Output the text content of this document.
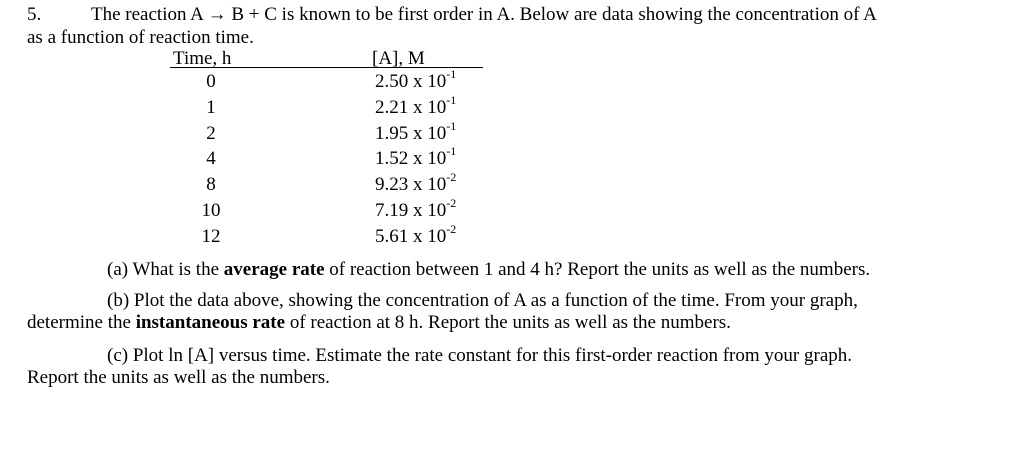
5.	The reaction A → B + C is known to be first order in A. Below are data showing the concentration of A
as a function of reaction time.
Time, h	[A], M
0	2.50 x $10^{-1}$
1	2.21 x $10^{-1}$
2	1.95 x $10^{-1}$
4	1.52 x $10^{-1}$
8	9.23 x $10^{-2}$
10	7.19 x $10^{-2}$
12	5.61 x $10^{-2}$
(a) What is the average rate of reaction between 1 and 4 h? Report the units as well as the numbers.
(b) Plot the data above, showing the concentration of A as a function of the time. From your graph,
determine the instantaneous rate of reaction at 8 h. Report the units as well as the numbers.
(c) Plot ln [A] versus time. Estimate the rate constant for this first-order reaction from your graph.
Report the units as well as the numbers.
